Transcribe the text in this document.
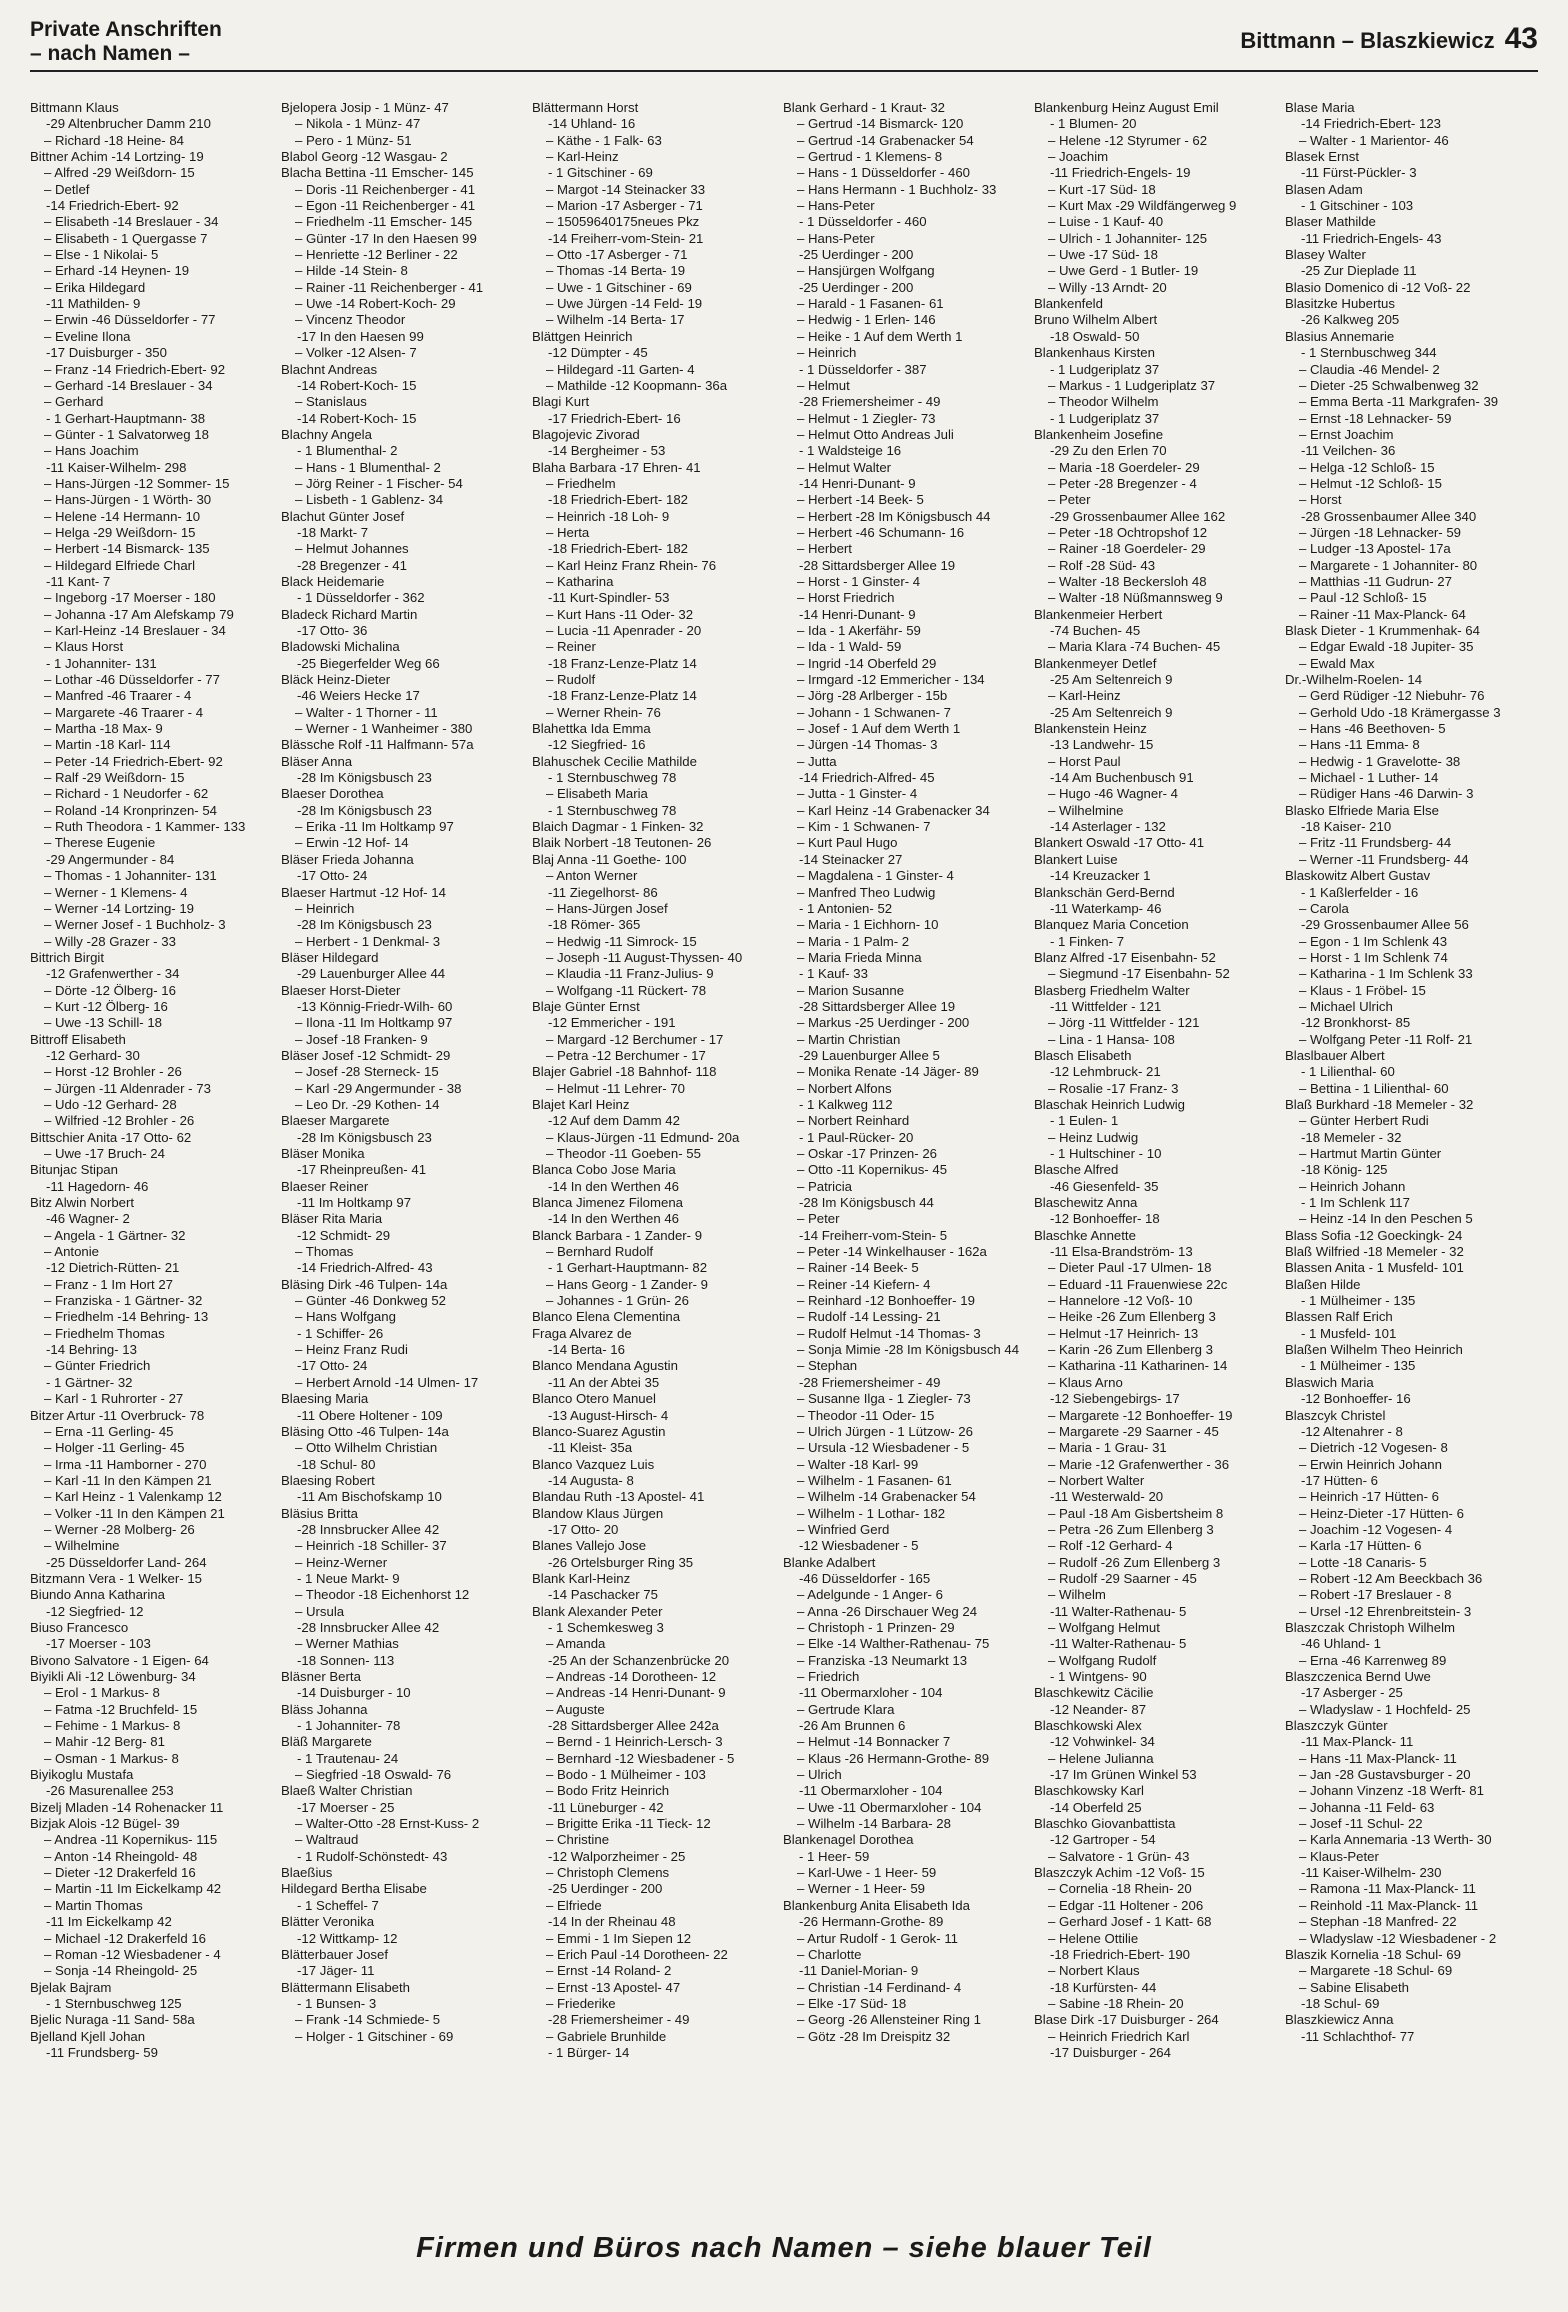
Private Anschriften
– nach Namen –
Bittmann – Blaszkiewicz 43
Bittmann Klaus
-29 Altenbrucher Damm 210
– Richard -18 Heine- 84
Bittner Achim -14 Lortzing- 19
– Alfred -29 Weißdorn- 15
– Detlef
-14 Friedrich-Ebert- 92
– Elisabeth -14 Breslauer - 34
– Elisabeth - 1 Quergasse 7
– Else - 1 Nikolai- 5
– Erhard -14 Heynen- 19
– Erika Hildegard
-11 Mathilden- 9
– Erwin -46 Düsseldorfer - 77
– Eveline Ilona
-17 Duisburger - 350
– Franz -14 Friedrich-Ebert- 92
– Gerhard -14 Breslauer - 34
– Gerhard
- 1 Gerhart-Hauptmann- 38
– Günter - 1 Salvatorweg 18
– Hans Joachim
-11 Kaiser-Wilhelm- 298
– Hans-Jürgen -12 Sommer- 15
– Hans-Jürgen - 1 Wörth- 30
– Helene -14 Hermann- 10
– Helga -29 Weißdorn- 15
– Herbert -14 Bismarck- 135
– Hildegard Elfriede Charl
-11 Kant- 7
– Ingeborg -17 Moerser - 180
– Johanna -17 Am Alefskamp 79
– Karl-Heinz -14 Breslauer - 34
– Klaus Horst
- 1 Johanniter- 131
– Lothar -46 Düsseldorfer - 77
– Manfred -46 Traarer - 4
– Margarete -46 Traarer - 4
– Martha -18 Max- 9
– Martin -18 Karl- 114
– Peter -14 Friedrich-Ebert- 92
– Ralf -29 Weißdorn- 15
– Richard - 1 Neudorfer - 62
– Roland -14 Kronprinzen- 54
– Ruth Theodora - 1 Kammer- 133
– Therese Eugenie
-29 Angermunder - 84
– Thomas - 1 Johanniter- 131
– Werner - 1 Klemens- 4
– Werner -14 Lortzing- 19
– Werner Josef - 1 Buchholz- 3
– Willy -28 Grazer - 33
Bittrich Birgit
-12 Grafenwerther - 34
– Dörte -12 Ölberg- 16
– Kurt -12 Ölberg- 16
– Uwe -13 Schill- 18
Bittroff Elisabeth
-12 Gerhard- 30
– Horst -12 Brohler - 26
– Jürgen -11 Aldenrader - 73
– Udo -12 Gerhard- 28
– Wilfried -12 Brohler - 26
Bittschier Anita -17 Otto- 62
– Uwe -17 Bruch- 24
Bitunjac Stipan
-11 Hagedorn- 46
Bitz Alwin Norbert
-46 Wagner- 2
– Angela - 1 Gärtner- 32
– Antonie
-12 Dietrich-Rütten- 21
– Franz - 1 Im Hort 27
– Franziska - 1 Gärtner- 32
– Friedhelm -14 Behring- 13
– Friedhelm Thomas
-14 Behring- 13
– Günter Friedrich
- 1 Gärtner- 32
– Karl - 1 Ruhrorter - 27
Bitzer Artur -11 Overbruck- 78
– Erna -11 Gerling- 45
– Holger -11 Gerling- 45
– Irma -11 Hamborner - 270
– Karl -11 In den Kämpen 21
– Karl Heinz - 1 Valenkamp 12
– Volker -11 In den Kämpen 21
– Werner -28 Molberg- 26
– Wilhelmine
-25 Düsseldorfer Land- 264
Bitzmann Vera - 1 Welker- 15
Biundo Anna Katharina
-12 Siegfried- 12
Biuso Francesco
-17 Moerser - 103
Bivono Salvatore - 1 Eigen- 64
Biyikli Ali -12 Löwenburg- 34
– Erol - 1 Markus- 8
– Fatma -12 Bruchfeld- 15
– Fehime - 1 Markus- 8
– Mahir -12 Berg- 81
– Osman - 1 Markus- 8
Biyikoglu Mustafa
-26 Masurenallee 253
Bizelj Mladen -14 Rohenacker 11
Bizjak Alois -12 Bügel- 39
– Andrea -11 Kopernikus- 115
– Anton -14 Rheingold- 48
– Dieter -12 Drakerfeld 16
– Martin -11 Im Eickelkamp 42
– Martin Thomas
-11 Im Eickelkamp 42
– Michael -12 Drakerfeld 16
– Roman -12 Wiesbadener - 4
– Sonja -14 Rheingold- 25
Bjelak Bajram
- 1 Sternbuschweg 125
Bjelic Nuraga -11 Sand- 58a
Bjelland Kjell Johan
-11 Frundsberg- 59
Bjelopera Josip - 1 Münz- 47
– Nikola - 1 Münz- 47
– Pero - 1 Münz- 51
Blabol Georg -12 Wasgau- 2
Blacha Bettina -11 Emscher- 145
– Doris -11 Reichenberger - 41
– Egon -11 Reichenberger - 41
– Friedhelm -11 Emscher- 145
– Günter -17 In den Haesen 99
– Henriette -12 Berliner - 22
– Hilde -14 Stein- 8
– Rainer -11 Reichenberger - 41
– Uwe -14 Robert-Koch- 29
– Vincenz Theodor
-17 In den Haesen 99
– Volker -12 Alsen- 7
Blachnt Andreas
-14 Robert-Koch- 15
– Stanislaus
-14 Robert-Koch- 15
Blachny Angela
- 1 Blumenthal- 2
– Hans - 1 Blumenthal- 2
– Jörg Reiner - 1 Fischer- 54
– Lisbeth - 1 Gablenz- 34
Blachut Günter Josef
-18 Markt- 7
– Helmut Johannes
-28 Bregenzer - 41
Black Heidemarie
- 1 Düsseldorfer - 362
Bladeck Richard Martin
-17 Otto- 36
Bladowski Michalina
-25 Biegerfelder Weg 66
Bläck Heinz-Dieter
-46 Weiers Hecke 17
– Walter - 1 Thorner - 11
– Werner - 1 Wanheimer - 380
Blässche Rolf -11 Halfmann- 57a
Bläser Anna
-28 Im Königsbusch 23
Blaeser Dorothea
-28 Im Königsbusch 23
– Erika -11 Im Holtkamp 97
– Erwin -12 Hof- 14
Bläser Frieda Johanna
-17 Otto- 24
Blaeser Hartmut -12 Hof- 14
– Heinrich
-28 Im Königsbusch 23
– Herbert - 1 Denkmal- 3
Bläser Hildegard
-29 Lauenburger Allee 44
Blaeser Horst-Dieter
-13 Könnig-Friedr-Wilh- 60
– Ilona -11 Im Holtkamp 97
– Josef -18 Franken- 9
Bläser Josef -12 Schmidt- 29
– Josef -28 Sterneck- 15
– Karl -29 Angermunder - 38
– Leo Dr. -29 Kothen- 14
Blaeser Margarete
-28 Im Königsbusch 23
Bläser Monika
-17 Rheinpreußen- 41
Blaeser Reiner
-11 Im Holtkamp 97
Bläser Rita Maria
-12 Schmidt- 29
– Thomas
-14 Friedrich-Alfred- 43
Bläsing Dirk -46 Tulpen- 14a
– Günter -46 Donkweg 52
– Hans Wolfgang
- 1 Schiffer- 26
– Heinz Franz Rudi
-17 Otto- 24
– Herbert Arnold -14 Ulmen- 17
Blaesing Maria
-11 Obere Holtener - 109
Bläsing Otto -46 Tulpen- 14a
– Otto Wilhelm Christian
-18 Schul- 80
Blaesing Robert
-11 Am Bischofskamp 10
Bläsius Britta
-28 Innsbrucker Allee 42
– Heinrich -18 Schiller- 37
– Heinz-Werner
- 1 Neue Markt- 9
– Theodor -18 Eichenhorst 12
– Ursula
-28 Innsbrucker Allee 42
– Werner Mathias
-18 Sonnen- 113
Bläsner Berta
-14 Duisburger - 10
Bläss Johanna
- 1 Johanniter- 78
Bläß Margarete
- 1 Trautenau- 24
– Siegfried -18 Oswald- 76
Blaeß Walter Christian
-17 Moerser - 25
– Walter-Otto -28 Ernst-Kuss- 2
– Waltraud
- 1 Rudolf-Schönstedt- 43
Blaeßius
Hildegard Bertha Elisabe
- 1 Scheffel- 7
Blätter Veronika
-12 Wittkamp- 12
Blätterbauer Josef
-17 Jäger- 11
Blättermann Elisabeth
- 1 Bunsen- 3
– Frank -14 Schmiede- 5
– Holger - 1 Gitschiner - 69
Blättermann Horst
-14 Uhland- 16
– Käthe - 1 Falk- 63
– Karl-Heinz
- 1 Gitschiner - 69
– Margot -14 Steinacker 33
– Marion -17 Asberger - 71
– 15059640175neues Pkz
-14 Freiherr-vom-Stein- 21
– Otto -17 Asberger - 71
– Thomas -14 Berta- 19
– Uwe - 1 Gitschiner - 69
– Uwe Jürgen -14 Feld- 19
– Wilhelm -14 Berta- 17
Blättgen Heinrich
-12 Dümpter - 45
– Hildegard -11 Garten- 4
– Mathilde -12 Koopmann- 36a
Blagi Kurt
-17 Friedrich-Ebert- 16
Blagojevic Zivorad
-14 Bergheimer - 53
Blaha Barbara -17 Ehren- 41
– Friedhelm
-18 Friedrich-Ebert- 182
– Heinrich -18 Loh- 9
– Herta
-18 Friedrich-Ebert- 182
– Karl Heinz Franz Rhein- 76
– Katharina
-11 Kurt-Spindler- 53
– Kurt Hans -11 Oder- 32
– Lucia -11 Apenrader - 20
– Reiner
-18 Franz-Lenze-Platz 14
– Rudolf
-18 Franz-Lenze-Platz 14
– Werner Rhein- 76
Blahettka Ida Emma
-12 Siegfried- 16
Blahuschek Cecilie Mathilde
- 1 Sternbuschweg 78
– Elisabeth Maria
- 1 Sternbuschweg 78
Blaich Dagmar - 1 Finken- 32
Blaik Norbert -18 Teutonen- 26
Blaj Anna -11 Goethe- 100
– Anton Werner
-11 Ziegelhorst- 86
– Hans-Jürgen Josef
-18 Römer- 365
– Hedwig -11 Simrock- 15
– Joseph -11 August-Thyssen- 40
– Klaudia -11 Franz-Julius- 9
– Wolfgang -11 Rückert- 78
Blaje Günter Ernst
-12 Emmericher - 191
– Margard -12 Berchumer - 17
– Petra -12 Berchumer - 17
Blajer Gabriel -18 Bahnhof- 118
– Helmut -11 Lehrer- 70
Blajet Karl Heinz
-12 Auf dem Damm 42
– Klaus-Jürgen -11 Edmund- 20a
– Theodor -11 Goeben- 55
Blanca Cobo Jose Maria
-14 In den Werthen 46
Blanca Jimenez Filomena
-14 In den Werthen 46
Blanck Barbara - 1 Zander- 9
– Bernhard Rudolf
- 1 Gerhart-Hauptmann- 82
– Hans Georg - 1 Zander- 9
– Johannes - 1 Grün- 26
Blanco Elena Clementina
Fraga Alvarez de
-14 Berta- 16
Blanco Mendana Agustin
-11 An der Abtei 35
Blanco Otero Manuel
-13 August-Hirsch- 4
Blanco-Suarez Agustin
-11 Kleist- 35a
Blanco Vazquez Luis
-14 Augusta- 8
Blandau Ruth -13 Apostel- 41
Blandow Klaus Jürgen
-17 Otto- 20
Blanes Vallejo Jose
-26 Ortelsburger Ring 35
Blank Karl-Heinz
-14 Paschacker 75
Blank Alexander Peter
- 1 Schemkesweg 3
– Amanda
-25 An der Schanzenbrücke 20
– Andreas -14 Dorotheen- 12
– Andreas -14 Henri-Dunant- 9
– Auguste
-28 Sittardsberger Allee 242a
– Bernd - 1 Heinrich-Lersch- 3
– Bernhard -12 Wiesbadener - 5
– Bodo - 1 Mülheimer - 103
– Bodo Fritz Heinrich
-11 Lüneburger - 42
– Brigitte Erika -11 Tieck- 12
– Christine
-12 Walporzheimer - 25
– Christoph Clemens
-25 Uerdinger - 200
– Elfriede
-14 In der Rheinau 48
– Emmi - 1 Im Siepen 12
– Erich Paul -14 Dorotheen- 22
– Ernst -14 Roland- 2
– Ernst -13 Apostel- 47
– Friederike
-28 Friemersheimer - 49
– Gabriele Brunhilde
- 1 Bürger- 14
Blank Gerhard - 1 Kraut- 32
– Gertrud -14 Bismarck- 120
– Gertrud -14 Grabenacker 54
– Gertrud - 1 Klemens- 8
– Hans - 1 Düsseldorfer - 460
– Hans Hermann - 1 Buchholz- 33
– Hans-Peter
- 1 Düsseldorfer - 460
– Hans-Peter
-25 Uerdinger - 200
– Hansjürgen Wolfgang
-25 Uerdinger - 200
– Harald - 1 Fasanen- 61
– Hedwig - 1 Erlen- 146
– Heike - 1 Auf dem Werth 1
– Heinrich
- 1 Düsseldorfer - 387
– Helmut
-28 Friemersheimer - 49
– Helmut - 1 Ziegler- 73
– Helmut Otto Andreas Juli
- 1 Waldsteige 16
– Helmut Walter
-14 Henri-Dunant- 9
– Herbert -14 Beek- 5
– Herbert -28 Im Königsbusch 44
– Herbert -46 Schumann- 16
– Herbert
-28 Sittardsberger Allee 19
– Horst - 1 Ginster- 4
– Horst Friedrich
-14 Henri-Dunant- 9
– Ida - 1 Akerfähr- 59
– Ida - 1 Wald- 59
– Ingrid -14 Oberfeld 29
– Irmgard -12 Emmericher - 134
– Jörg -28 Arlberger - 15b
– Johann - 1 Schwanen- 7
– Josef - 1 Auf dem Werth 1
– Jürgen -14 Thomas- 3
– Jutta
-14 Friedrich-Alfred- 45
– Jutta - 1 Ginster- 4
– Karl Heinz -14 Grabenacker 34
– Kim - 1 Schwanen- 7
– Kurt Paul Hugo
-14 Steinacker 27
– Magdalena - 1 Ginster- 4
– Manfred Theo Ludwig
- 1 Antonien- 52
– Maria - 1 Eichhorn- 10
– Maria - 1 Palm- 2
– Maria Frieda Minna
- 1 Kauf- 33
– Marion Susanne
-28 Sittardsberger Allee 19
– Markus -25 Uerdinger - 200
– Martin Christian
-29 Lauenburger Allee 5
– Monika Renate -14 Jäger- 89
– Norbert Alfons
- 1 Kalkweg 112
– Norbert Reinhard
- 1 Paul-Rücker- 20
– Oskar -17 Prinzen- 26
– Otto -11 Kopernikus- 45
– Patricia
-28 Im Königsbusch 44
– Peter
-14 Freiherr-vom-Stein- 5
– Peter -14 Winkelhauser - 162a
– Rainer -14 Beek- 5
– Reiner -14 Kiefern- 4
– Reinhard -12 Bonhoeffer- 19
– Rudolf -14 Lessing- 21
– Rudolf Helmut -14 Thomas- 3
– Sonja Mimie -28 Im Königsbusch 44
– Stephan
-28 Friemersheimer - 49
– Susanne Ilga - 1 Ziegler- 73
– Theodor -11 Oder- 15
– Ulrich Jürgen - 1 Lützow- 26
– Ursula -12 Wiesbadener - 5
– Walter -18 Karl- 99
– Wilhelm - 1 Fasanen- 61
– Wilhelm -14 Grabenacker 54
– Wilhelm - 1 Lothar- 182
– Winfried Gerd
-12 Wiesbadener - 5
Blanke Adalbert
-46 Düsseldorfer - 165
– Adelgunde - 1 Anger- 6
– Anna -26 Dirschauer Weg 24
– Christoph - 1 Prinzen- 29
– Elke -14 Walther-Rathenau- 75
– Franziska -13 Neumarkt 13
– Friedrich
-11 Obermarxloher - 104
– Gertrude Klara
-26 Am Brunnen 6
– Helmut -14 Bonnacker 7
– Klaus -26 Hermann-Grothe- 89
– Ulrich
-11 Obermarxloher - 104
– Uwe -11 Obermarxloher - 104
– Wilhelm -14 Barbara- 28
Blankenagel Dorothea
- 1 Heer- 59
– Karl-Uwe - 1 Heer- 59
– Werner - 1 Heer- 59
Blankenburg Anita Elisabeth Ida
-26 Hermann-Grothe- 89
– Artur Rudolf - 1 Gerok- 11
– Charlotte
-11 Daniel-Morian- 9
– Christian -14 Ferdinand- 4
– Elke -17 Süd- 18
– Georg -26 Allensteiner Ring 1
– Götz -28 Im Dreispitz 32
Blankenburg Heinz August Emil
- 1 Blumen- 20
– Helene -12 Styrumer - 62
– Joachim
-11 Friedrich-Engels- 19
– Kurt -17 Süd- 18
– Kurt Max -29 Wildfängerweg 9
– Luise - 1 Kauf- 40
– Ulrich - 1 Johanniter- 125
– Uwe -17 Süd- 18
– Uwe Gerd - 1 Butler- 19
– Willy -13 Arndt- 20
Blankenfeld
Bruno Wilhelm Albert
-18 Oswald- 50
Blankenhaus Kirsten
- 1 Ludgeriplatz 37
– Markus - 1 Ludgeriplatz 37
– Theodor Wilhelm
- 1 Ludgeriplatz 37
Blankenheim Josefine
-29 Zu den Erlen 70
– Maria -18 Goerdeler- 29
– Peter -28 Bregenzer - 4
– Peter
-29 Grossenbaumer Allee 162
– Peter -18 Ochtropshof 12
– Rainer -18 Goerdeler- 29
– Rolf -28 Süd- 43
– Walter -18 Beckersloh 48
– Walter -18 Nüßmannsweg 9
Blankenmeier Herbert
-74 Buchen- 45
– Maria Klara -74 Buchen- 45
Blankenmeyer Detlef
-25 Am Seltenreich 9
– Karl-Heinz
-25 Am Seltenreich 9
Blankenstein Heinz
-13 Landwehr- 15
– Horst Paul
-14 Am Buchenbusch 91
– Hugo -46 Wagner- 4
– Wilhelmine
-14 Asterlager - 132
Blankert Oswald -17 Otto- 41
Blankert Luise
-14 Kreuzacker 1
Blankschän Gerd-Bernd
-11 Waterkamp- 46
Blanquez Maria Concetion
- 1 Finken- 7
Blanz Alfred -17 Eisenbahn- 52
– Siegmund -17 Eisenbahn- 52
Blasberg Friedhelm Walter
-11 Wittfelder - 121
– Jörg -11 Wittfelder - 121
– Lina - 1 Hansa- 108
Blasch Elisabeth
-12 Lehmbruck- 21
– Rosalie -17 Franz- 3
Blaschak Heinrich Ludwig
- 1 Eulen- 1
– Heinz Ludwig
- 1 Hultschiner - 10
Blasche Alfred
-46 Giesenfeld- 35
Blaschewitz Anna
-12 Bonhoeffer- 18
Blaschke Annette
-11 Elsa-Brandström- 13
– Dieter Paul -17 Ulmen- 18
– Eduard -11 Frauenwiese 22c
– Hannelore -12 Voß- 10
– Heike -26 Zum Ellenberg 3
– Helmut -17 Heinrich- 13
– Karin -26 Zum Ellenberg 3
– Katharina -11 Katharinen- 14
– Klaus Arno
-12 Siebengebirgs- 17
– Margarete -12 Bonhoeffer- 19
– Margarete -29 Saarner - 45
– Maria - 1 Grau- 31
– Marie -12 Grafenwerther - 36
– Norbert Walter
-11 Westerwald- 20
– Paul -18 Am Gisbertsheim 8
– Petra -26 Zum Ellenberg 3
– Rolf -12 Gerhard- 4
– Rudolf -26 Zum Ellenberg 3
– Rudolf -29 Saarner - 45
– Wilhelm
-11 Walter-Rathenau- 5
– Wolfgang Helmut
-11 Walter-Rathenau- 5
– Wolfgang Rudolf
- 1 Wintgens- 90
Blaschkewitz Cäcilie
-12 Neander- 87
Blaschkowski Alex
-12 Vohwinkel- 34
– Helene Julianna
-17 Im Grünen Winkel 53
Blaschkowsky Karl
-14 Oberfeld 25
Blaschko Giovanbattista
-12 Gartroper - 54
– Salvatore - 1 Grün- 43
Blaszczyk Achim -12 Voß- 15
– Cornelia -18 Rhein- 20
– Edgar -11 Holtener - 206
– Gerhard Josef - 1 Katt- 68
– Helene Ottilie
-18 Friedrich-Ebert- 190
– Norbert Klaus
-18 Kurfürsten- 44
– Sabine -18 Rhein- 20
Blase Dirk -17 Duisburger - 264
– Heinrich Friedrich Karl
-17 Duisburger - 264
Blase Maria
-14 Friedrich-Ebert- 123
– Walter - 1 Marientor- 46
Blasek Ernst
-11 Fürst-Pückler- 3
Blasen Adam
- 1 Gitschiner - 103
Blaser Mathilde
-11 Friedrich-Engels- 43
Blasey Walter
-25 Zur Dieplade 11
Blasio Domenico di -12 Voß- 22
Blasitzke Hubertus
-26 Kalkweg 205
Blasius Annemarie
- 1 Sternbuschweg 344
– Claudia -46 Mendel- 2
– Dieter -25 Schwalbenweg 32
– Emma Berta -11 Markgrafen- 39
– Ernst -18 Lehnacker- 59
– Ernst Joachim
-11 Veilchen- 36
– Helga -12 Schloß- 15
– Helmut -12 Schloß- 15
– Horst
-28 Grossenbaumer Allee 340
– Jürgen -18 Lehnacker- 59
– Ludger -13 Apostel- 17a
– Margarete - 1 Johanniter- 80
– Matthias -11 Gudrun- 27
– Paul -12 Schloß- 15
– Rainer -11 Max-Planck- 64
Blask Dieter - 1 Krummenhak- 64
– Edgar Ewald -18 Jupiter- 35
– Ewald Max
Dr.-Wilhelm-Roelen- 14
– Gerd Rüdiger -12 Niebuhr- 76
– Gerhold Udo -18 Krämergasse 3
– Hans -46 Beethoven- 5
– Hans -11 Emma- 8
– Hedwig - 1 Gravelotte- 38
– Michael - 1 Luther- 14
– Rüdiger Hans -46 Darwin- 3
Blasko Elfriede Maria Else
-18 Kaiser- 210
– Fritz -11 Frundsberg- 44
– Werner -11 Frundsberg- 44
Blaskowitz Albert Gustav
- 1 Kaßlerfelder - 16
– Carola
-29 Grossenbaumer Allee 56
– Egon - 1 Im Schlenk 43
– Horst - 1 Im Schlenk 74
– Katharina - 1 Im Schlenk 33
– Klaus - 1 Fröbel- 15
– Michael Ulrich
-12 Bronkhorst- 85
– Wolfgang Peter -11 Rolf- 21
Blaslbauer Albert
- 1 Lilienthal- 60
– Bettina - 1 Lilienthal- 60
Blaß Burkhard -18 Memeler - 32
– Günter Herbert Rudi
-18 Memeler - 32
– Hartmut Martin Günter
-18 König- 125
– Heinrich Johann
- 1 Im Schlenk 117
– Heinz -14 In den Peschen 5
Blass Sofia -12 Goeckingk- 24
Blaß Wilfried -18 Memeler - 32
Blassen Anita - 1 Musfeld- 101
Blaßen Hilde
- 1 Mülheimer - 135
Blassen Ralf Erich
- 1 Musfeld- 101
Blaßen Wilhelm Theo Heinrich
- 1 Mülheimer - 135
Blaswich Maria
-12 Bonhoeffer- 16
Blaszcyk Christel
-12 Altenahrer - 8
– Dietrich -12 Vogesen- 8
– Erwin Heinrich Johann
-17 Hütten- 6
– Heinrich -17 Hütten- 6
– Heinz-Dieter -17 Hütten- 6
– Joachim -12 Vogesen- 4
– Karla -17 Hütten- 6
– Lotte -18 Canaris- 5
– Robert -12 Am Beeckbach 36
– Robert -17 Breslauer - 8
– Ursel -12 Ehrenbreitstein- 3
Blaszczak Christoph Wilhelm
-46 Uhland- 1
– Erna -46 Karrenweg 89
Blaszczenica Bernd Uwe
-17 Asberger - 25
– Wladyslaw - 1 Hochfeld- 25
Blaszczyk Günter
-11 Max-Planck- 11
– Hans -11 Max-Planck- 11
– Jan -28 Gustavsburger - 20
– Johann Vinzenz -18 Werft- 81
– Johanna -11 Feld- 63
– Josef -11 Schul- 22
– Karla Annemaria -13 Werth- 30
– Klaus-Peter
-11 Kaiser-Wilhelm- 230
– Ramona -11 Max-Planck- 11
– Reinhold -11 Max-Planck- 11
– Stephan -18 Manfred- 22
– Wladyslaw -12 Wiesbadener - 2
Blaszik Kornelia -18 Schul- 69
– Margarete -18 Schul- 69
– Sabine Elisabeth
-18 Schul- 69
Blaszkiewicz Anna
-11 Schlachthof- 77
Firmen und Büros nach Namen – siehe blauer Teil
